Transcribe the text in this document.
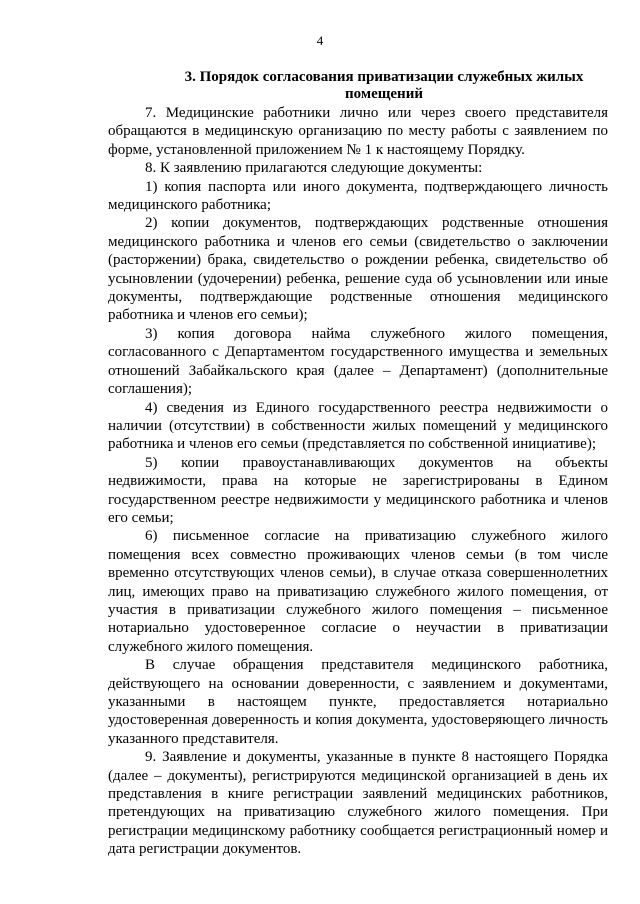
4
3. Порядок согласования приватизации служебных жилых помещений

7. Медицинские работники лично или через своего представителя обращаются в медицинскую организацию по месту работы с заявлением по форме, установленной приложением № 1 к настоящему Порядку.

8. К заявлению прилагаются следующие документы:

1) копия паспорта или иного документа, подтверждающего личность медицинского работника;

2) копии документов, подтверждающих родственные отношения медицинского работника и членов его семьи (свидетельство о заключении (расторжении) брака, свидетельство о рождении ребенка, свидетельство об усыновлении (удочерении) ребенка, решение суда об усыновлении или иные документы, подтверждающие родственные отношения медицинского работника и членов его семьи);

3) копия договора найма служебного жилого помещения, согласованного с Департаментом государственного имущества и земельных отношений Забайкальского края (далее – Департамент) (дополнительные соглашения);

4) сведения из Единого государственного реестра недвижимости о наличии (отсутствии) в собственности жилых помещений у медицинского работника и членов его семьи (представляется по собственной инициативе);

5) копии правоустанавливающих документов на объекты недвижимости, права на которые не зарегистрированы в Едином государственном реестре недвижимости у медицинского работника и членов его семьи;

6) письменное согласие на приватизацию служебного жилого помещения всех совместно проживающих членов семьи (в том числе временно отсутствующих членов семьи), в случае отказа совершеннолетних лиц, имеющих право на приватизацию служебного жилого помещения, от участия в приватизации служебного жилого помещения – письменное нотариально удостоверенное согласие о неучастии в приватизации служебного жилого помещения.

В случае обращения представителя медицинского работника, действующего на основании доверенности, с заявлением и документами, указанными в настоящем пункте, предоставляется нотариально удостоверенная доверенность и копия документа, удостоверяющего личность указанного представителя.

9. Заявление и документы, указанные в пункте 8 настоящего Порядка (далее – документы), регистрируются медицинской организацией в день их представления в книге регистрации заявлений медицинских работников, претендующих на приватизацию служебного жилого помещения. При регистрации медицинскому работнику сообщается регистрационный номер и дата регистрации документов.
